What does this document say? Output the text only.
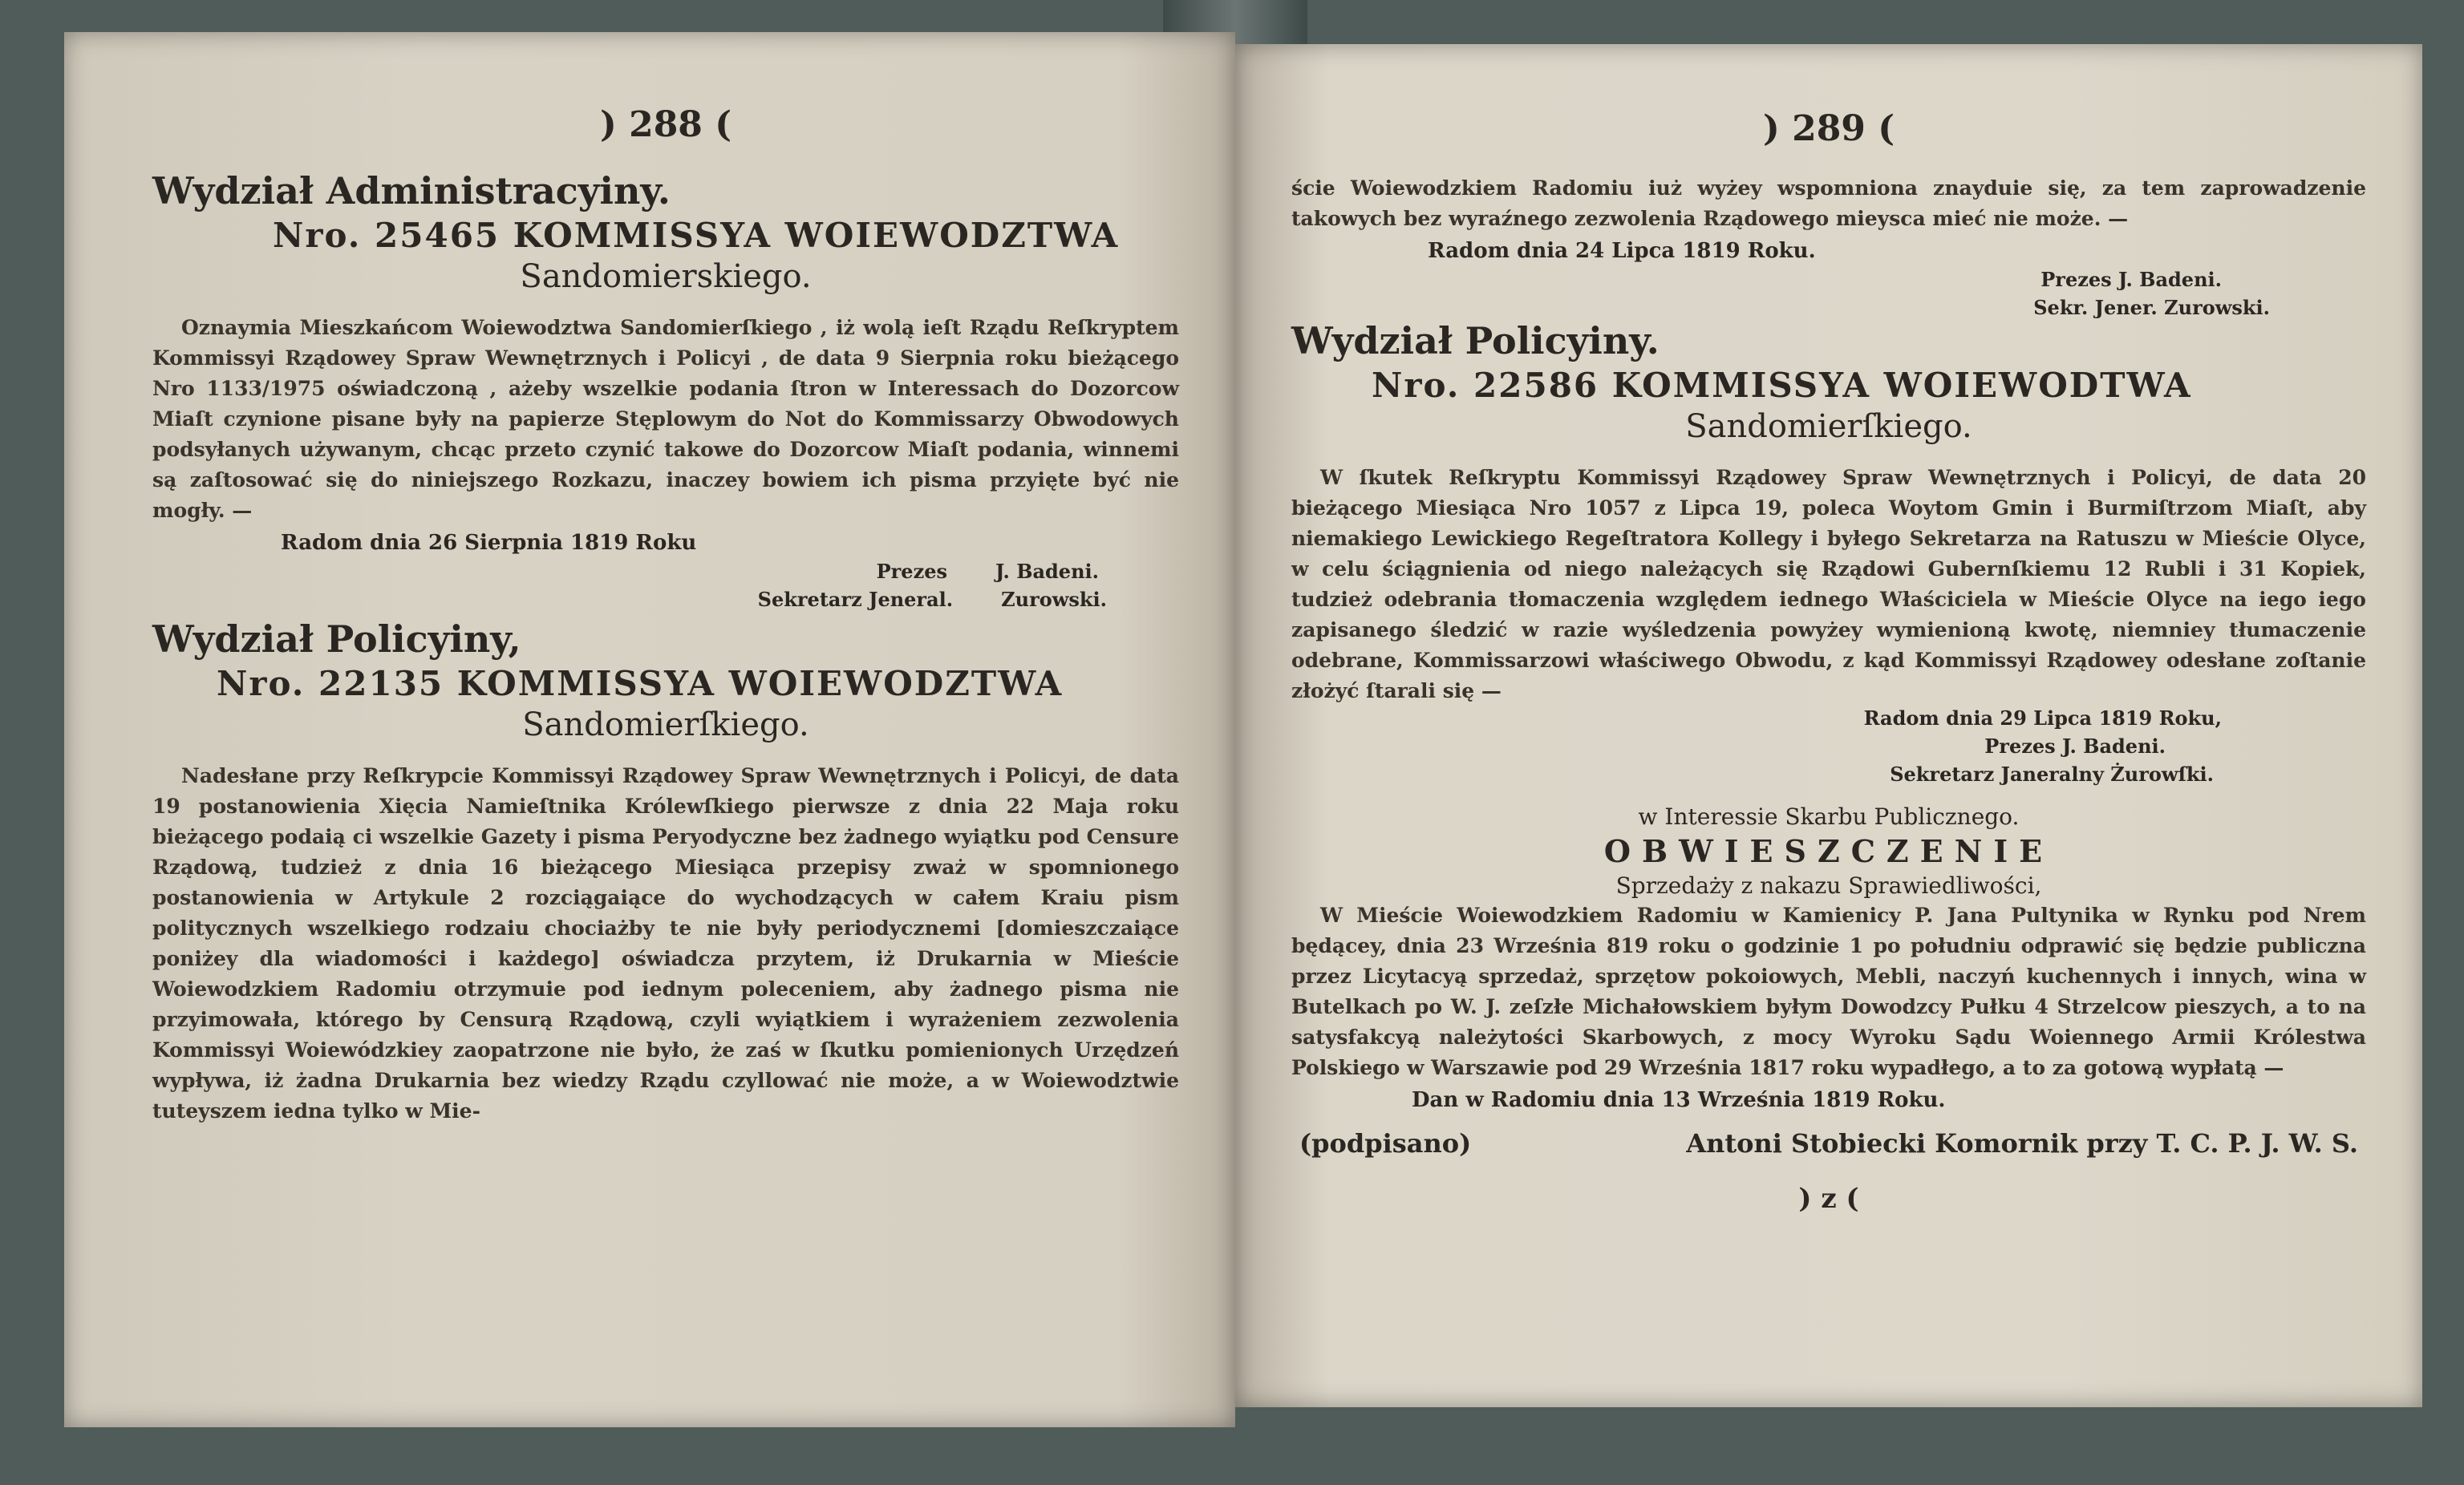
) 288 (
Wydział Administracyiny.
Nro. 25465 KOMMISSYA WOIEWODZTWA
Sandomierskiego.
Oznaymia Mieszkańcom Woiewodztwa Sandomierſkiego , iż wolą ieſt Rządu Reſkryptem Kommissyi Rządowey Spraw Wewnętrznych i Policyi , de data 9 Sierpnia roku bieżącego Nro 1133/1975 oświadczoną , ażeby wszelkie podania ſtron w Interessach do Dozorcow Miaſt czynione pisane były na papierze Stęplowym do Not do Kommissarzy Obwodowych podsyłanych używanym, chcąc przeto czynić takowe do Dozorcow Miaſt podania, winnemi są zaſtosować się do niniejszego Rozkazu, inaczey bowiem ich pisma przyięte być nie mogły. —
Radom dnia 26 Sierpnia 1819 Roku
Prezes	J. Badeni.
Sekretarz Jeneral.	Zurowski.
Wydział Policyiny,
Nro. 22135 KOMMISSYA WOIEWODZTWA
Sandomierſkiego.
Nadesłane przy Reſkrypcie Kommissyi Rządowey Spraw Wewnętrznych i Policyi, de data 19 postanowienia Xięcia Namieſtnika Królewſkiego pierwsze z dnia 22 Maja roku bieżącego podaią ci wszelkie Gazety i pisma Peryodyczne bez żadnego wyiątku pod Censure Rządową, tudzież z dnia 16 bieżącego Miesiąca przepisy zważ w spomnionego postanowienia w Artykule 2 rozciągaiące do wychodzących w całem Kraiu pism politycznych wszelkiego rodzaiu chociażby te nie były periodycznemi [domieszczaiące poniżey dla wiadomości i każdego] oświadcza przytem, iż Drukarnia w Mieście Woiewodzkiem Radomiu otrzymuie pod iednym poleceniem, aby żadnego pisma nie przyimowała, którego by Censurą Rządową, czyli wyiątkiem i wyrażeniem zezwolenia Kommissyi Woiewódzkiey zaopatrzone nie było, że zaś w ſkutku pomienionych Urzędzeń wypływa, iż żadna Drukarnia bez wiedzy Rządu czyllować nie może, a w Woiewodztwie tuteyszem iedna tylko w Mie-
) 289 (
ście Woiewodzkiem Radomiu iuż wyżey wspomniona znayduie się, za tem zaprowadzenie takowych bez wyraźnego zezwolenia Rządowego mieysca mieć nie może. —
Radom dnia 24 Lipca 1819 Roku.
Prezes J. Badeni.
Sekr. Jener. Zurowski.
Wydział Policyiny.
Nro. 22586 KOMMISSYA WOIEWODTWA
Sandomierſkiego.
W ſkutek Reſkryptu Kommissyi Rządowey Spraw Wewnętrznych i Policyi, de data 20 bieżącego Miesiąca Nro 1057 z Lipca 19, poleca Woytom Gmin i Burmiſtrzom Miaſt, aby niemakiego Lewickiego Regeſtratora Kollegy i byłego Sekretarza na Ratuszu w Mieście Olyce, w celu ściągnienia od niego należących się Rządowi Gubernſkiemu 12 Rubli i 31 Kopiek, tudzież odebrania tłomaczenia względem iednego Właściciela w Mieście Olyce na iego iego zapisanego śledzić w razie wyśledzenia powyżey wymienioną kwotę, niemniey tłumaczenie odebrane, Kommissarzowi właściwego Obwodu, z kąd Kommissyi Rządowey odesłane zoſtanie złożyć ſtarali się —
Radom dnia 29 Lipca 1819 Roku,
Prezes J. Badeni.
Sekretarz Janeralny Żurowſki.
w Interessie Skarbu Publicznego.
OBWIESZCZENIE
Sprzedaży z nakazu Sprawiedliwości,
W Mieście Woiewodzkiem Radomiu w Kamienicy P. Jana Pultynika w Rynku pod Nrem będącey, dnia 23 Września 819 roku o godzinie 1 po południu odprawić się będzie publiczna przez Licytacyą sprzedaż, sprzętow pokoiowych, Mebli, naczyń kuchennych i innych, wina w Butelkach po W. J. zeſzłe Michałowskiem byłym Dowodzcy Pułku 4 Strzelcow pieszych, a to na satysfakcyą należytości Skarbowych, z mocy Wyroku Sądu Woiennego Armii Królestwa Polskiego w Warszawie pod 29 Września 1817 roku wypadłego, a to za gotową wypłatą —
Dan w Radomiu dnia 13 Września 1819 Roku.
(podpisano)	Antoni Stobiecki Komornik przy T. C. P. J. W. S.
) z (
